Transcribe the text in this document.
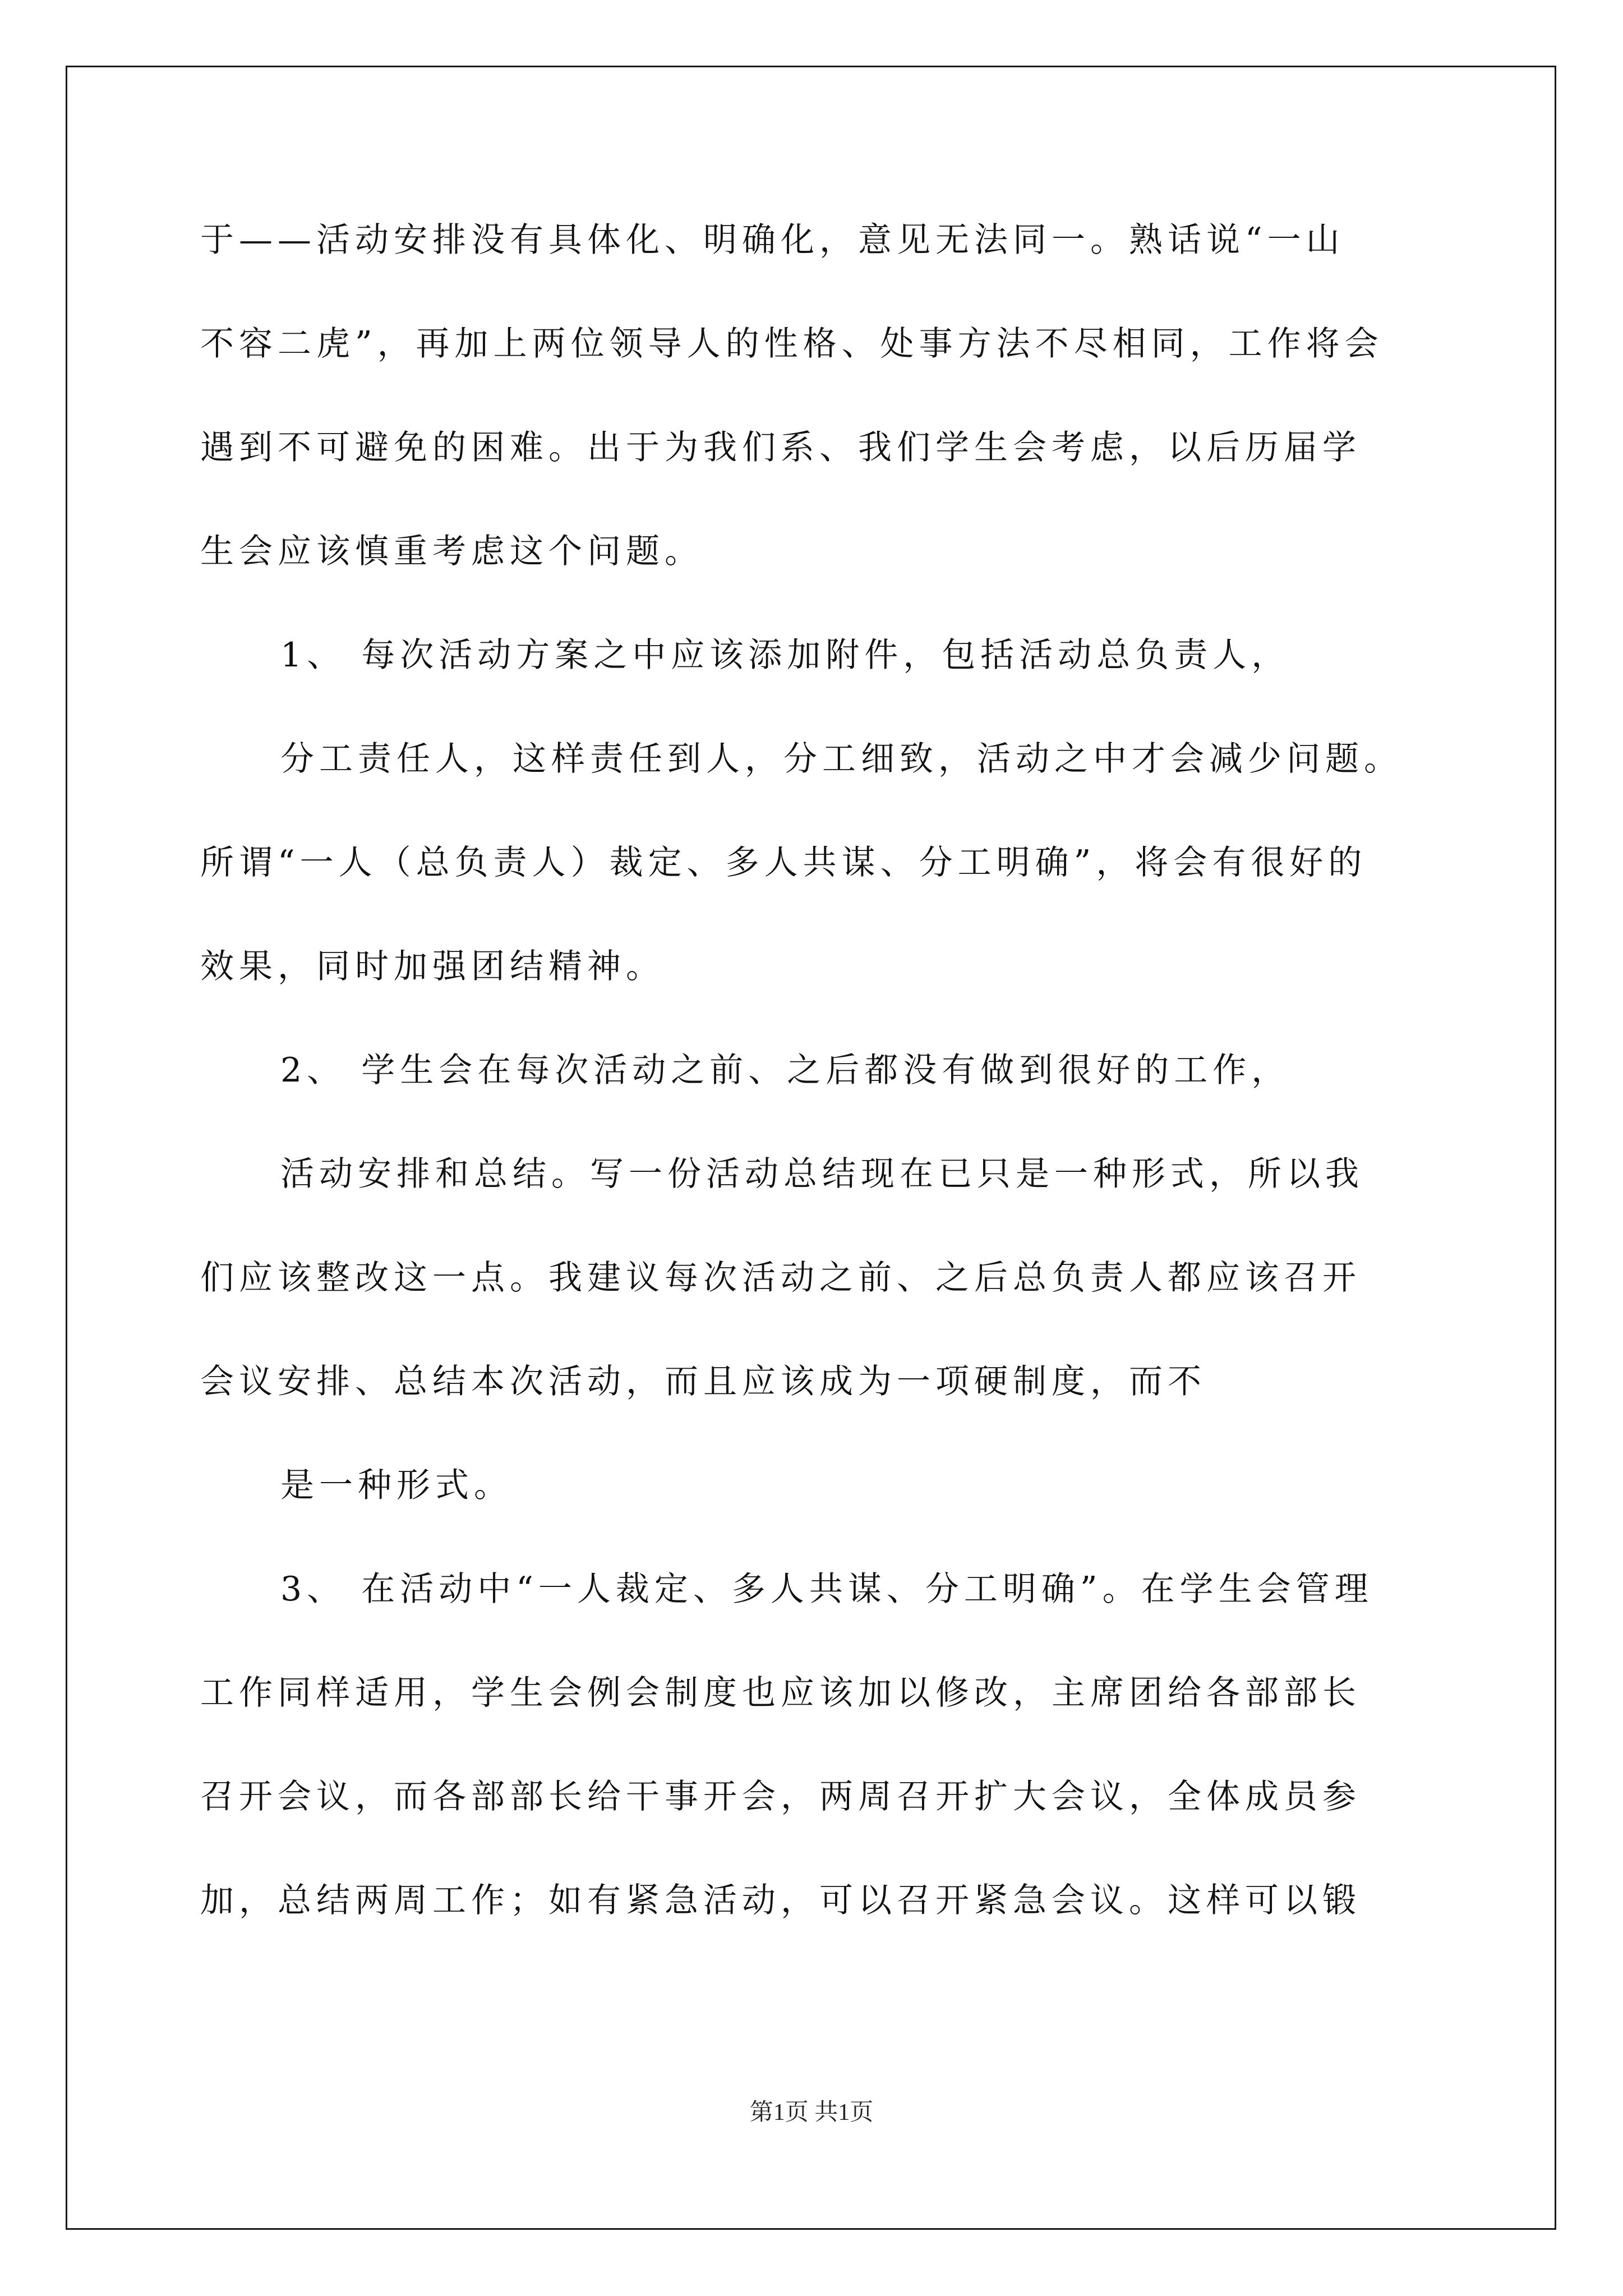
于——活动安排没有具体化、明确化，意见无法同一。熟话说“一山
不容二虎”，再加上两位领导人的性格、处事方法不尽相同，工作将会
遇到不可避免的困难。出于为我们系、我们学生会考虑，以后历届学
生会应该慎重考虑这个问题。
1、 每次活动方案之中应该添加附件，包括活动总负责人，
分工责任人，这样责任到人，分工细致，活动之中才会减少问题。
所谓“一人（总负责人）裁定、多人共谋、分工明确”，将会有很好的
效果，同时加强团结精神。
2、 学生会在每次活动之前、之后都没有做到很好的工作，
活动安排和总结。写一份活动总结现在已只是一种形式，所以我
们应该整改这一点。我建议每次活动之前、之后总负责人都应该召开
会议安排、总结本次活动，而且应该成为一项硬制度，而不
是一种形式。
3、 在活动中“一人裁定、多人共谋、分工明确”。在学生会管理
工作同样适用，学生会例会制度也应该加以修改，主席团给各部部长
召开会议，而各部部长给干事开会，两周召开扩大会议，全体成员参
加，总结两周工作；如有紧急活动，可以召开紧急会议。这样可以锻
第1页 共1页
